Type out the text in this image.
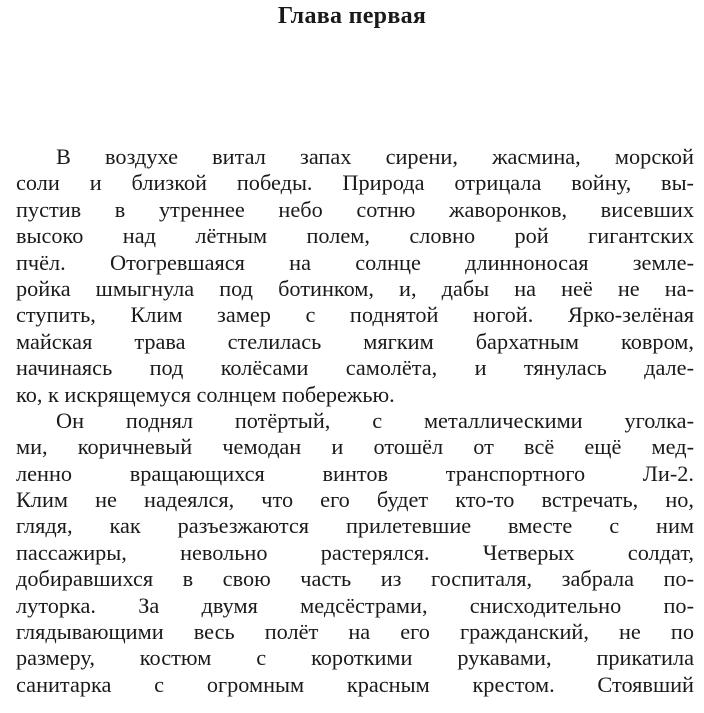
Глава первая
В воздухе витал запах сирени, жасмина, морской
соли и близкой победы. Природа отрицала войну, вы-
пустив в утреннее небо сотню жаворонков, висевших
высоко над лётным полем, словно рой гигантских
пчёл. Отогревшаяся на солнце длинноносая земле-
ройка шмыгнула под ботинком, и, дабы на неё не на-
ступить, Клим замер с поднятой ногой. Ярко-зелёная
майская трава стелилась мягким бархатным ковром,
начинаясь под колёсами самолёта, и тянулась дале-
ко, к искрящемуся солнцем побережью.
Он поднял потёртый, с металлическими уголка-
ми, коричневый чемодан и отошёл от всё ещё мед-
ленно вращающихся винтов транспортного Ли-2.
Клим не надеялся, что его будет кто-то встречать, но,
глядя, как разъезжаются прилетевшие вместе с ним
пассажиры, невольно растерялся. Четверых солдат,
добиравшихся в свою часть из госпиталя, забрала по-
луторка. За двумя медсёстрами, снисходительно по-
глядывающими весь полёт на его гражданский, не по
размеру, костюм с короткими рукавами, прикатила
санитарка с огромным красным крестом. Стоявший
